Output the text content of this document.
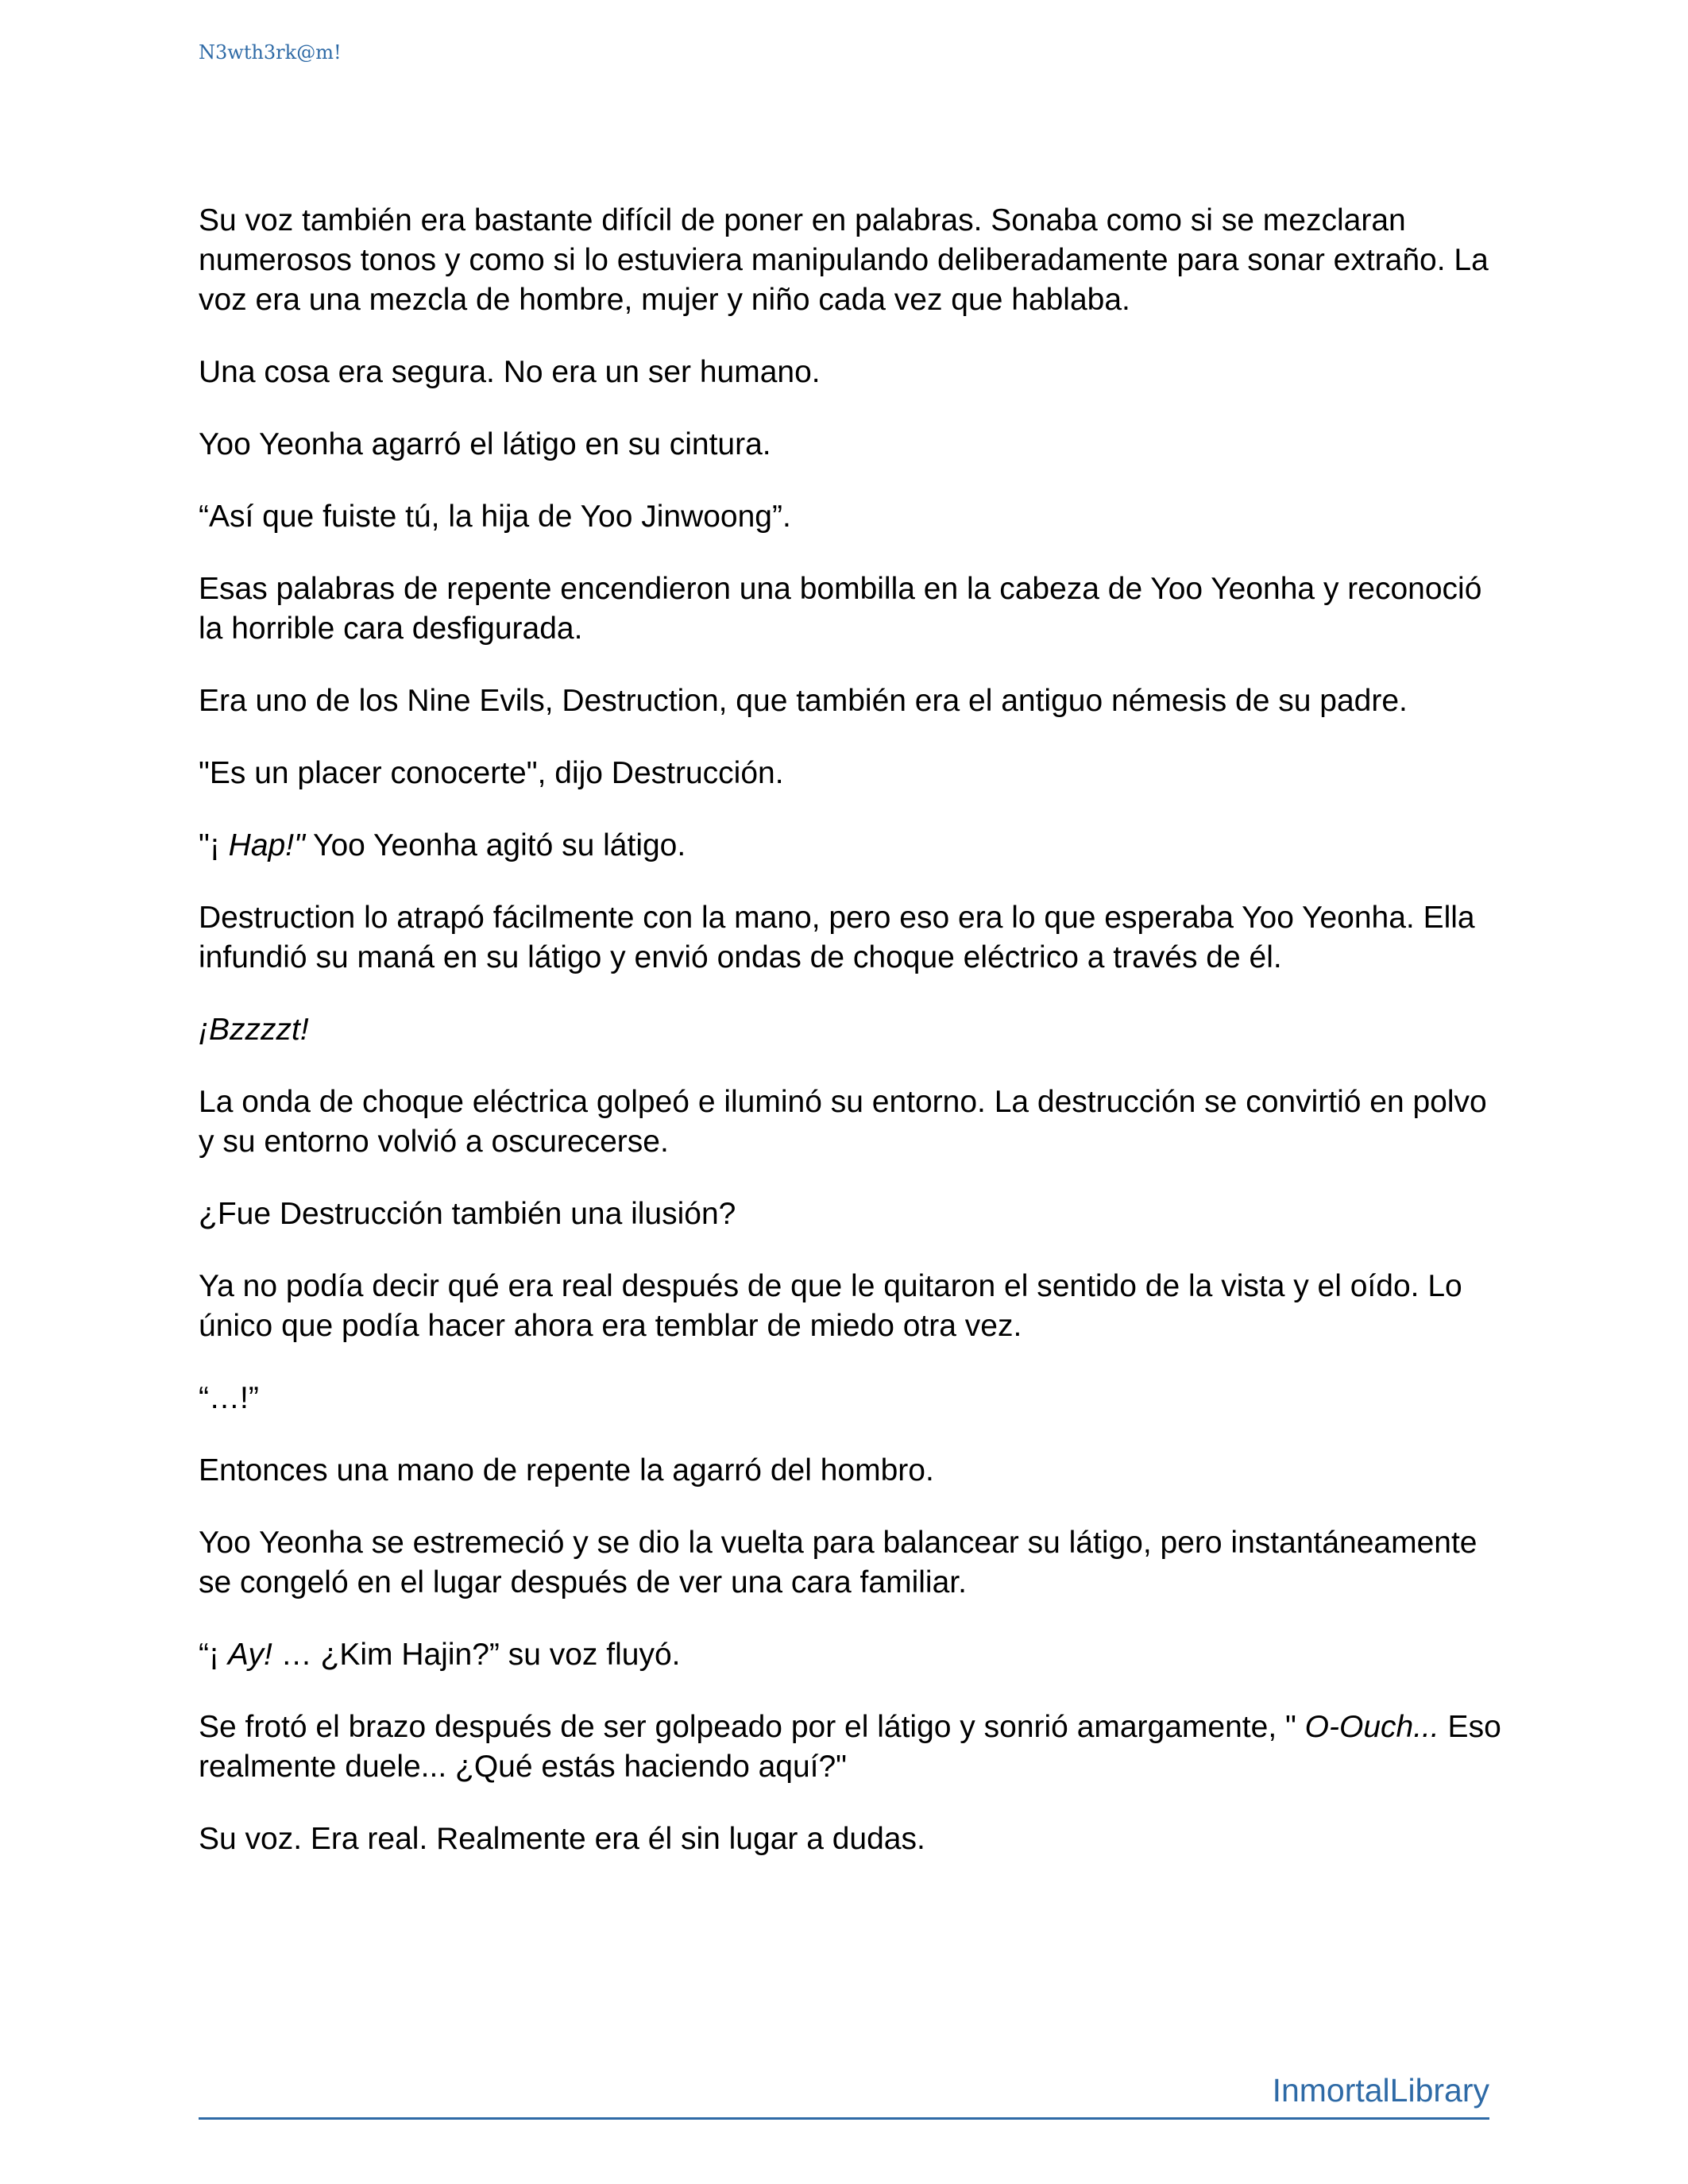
N3wth3rk@m!

Su voz también era bastante difícil de poner en palabras. Sonaba como si se mezclaran numerosos tonos y como si lo estuviera manipulando deliberadamente para sonar extraño. La voz era una mezcla de hombre, mujer y niño cada vez que hablaba.

Una cosa era segura. No era un ser humano.

Yoo Yeonha agarró el látigo en su cintura.

“Así que fuiste tú, la hija de Yoo Jinwoong”.

Esas palabras de repente encendieron una bombilla en la cabeza de Yoo Yeonha y reconoció la horrible cara desfigurada.

Era uno de los Nine Evils, Destruction, que también era el antiguo némesis de su padre.

"Es un placer conocerte", dijo Destrucción.

"¡ Hap!" Yoo Yeonha agitó su látigo.

Destruction lo atrapó fácilmente con la mano, pero eso era lo que esperaba Yoo Yeonha. Ella infundió su maná en su látigo y envió ondas de choque eléctrico a través de él.

¡Bzzzzt!

La onda de choque eléctrica golpeó e iluminó su entorno. La destrucción se convirtió en polvo y su entorno volvió a oscurecerse.

¿Fue Destrucción también una ilusión?

Ya no podía decir qué era real después de que le quitaron el sentido de la vista y el oído. Lo único que podía hacer ahora era temblar de miedo otra vez.

“…!”

Entonces una mano de repente la agarró del hombro.

Yoo Yeonha se estremeció y se dio la vuelta para balancear su látigo, pero instantáneamente se congeló en el lugar después de ver una cara familiar.

“¡ Ay! … ¿Kim Hajin?” su voz fluyó.

Se frotó el brazo después de ser golpeado por el látigo y sonrió amargamente, " O-Ouch... Eso realmente duele... ¿Qué estás haciendo aquí?"

Su voz. Era real. Realmente era él sin lugar a dudas.

InmortalLibrary
